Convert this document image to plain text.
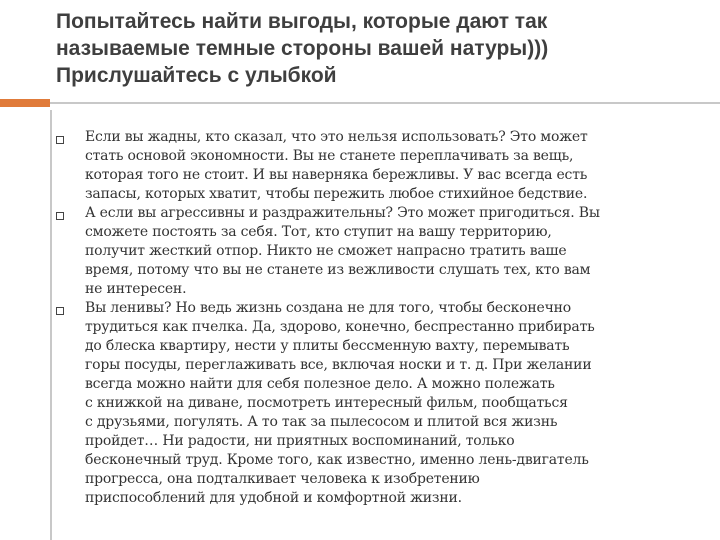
Попытайтесь найти выгоды, которые дают так
называемые темные стороны вашей натуры)))
Прислушайтесь с улыбкой
Если вы жадны, кто сказал, что это нельзя использовать? Это может
стать основой экономности. Вы не станете переплачивать за вещь,
которая того не стоит. И вы наверняка бережливы. У вас всегда есть
запасы, которых хватит, чтобы пережить любое стихийное бедствие.
А если вы агрессивны и раздражительны? Это может пригодиться. Вы
сможете постоять за себя. Тот, кто ступит на вашу территорию,
получит жесткий отпор. Никто не сможет напрасно тратить ваше
время, потому что вы не станете из вежливости слушать тех, кто вам
не интересен.
Вы ленивы? Но ведь жизнь создана не для того, чтобы бесконечно
трудиться как пчелка. Да, здорово, конечно, беспрестанно прибирать
до блеска квартиру, нести у плиты бессменную вахту, перемывать
горы посуды, переглаживать все, включая носки и т. д. При желании
всегда можно найти для себя полезное дело. А можно полежать
с книжкой на диване, посмотреть интересный фильм, пообщаться
с друзьями, погулять. А то так за пылесосом и плитой вся жизнь
пройдет… Ни радости, ни приятных воспоминаний, только
бесконечный труд. Кроме того, как известно, именно лень-двигатель
прогресса, она подталкивает человека к изобретению
приспособлений для удобной и комфортной жизни.
